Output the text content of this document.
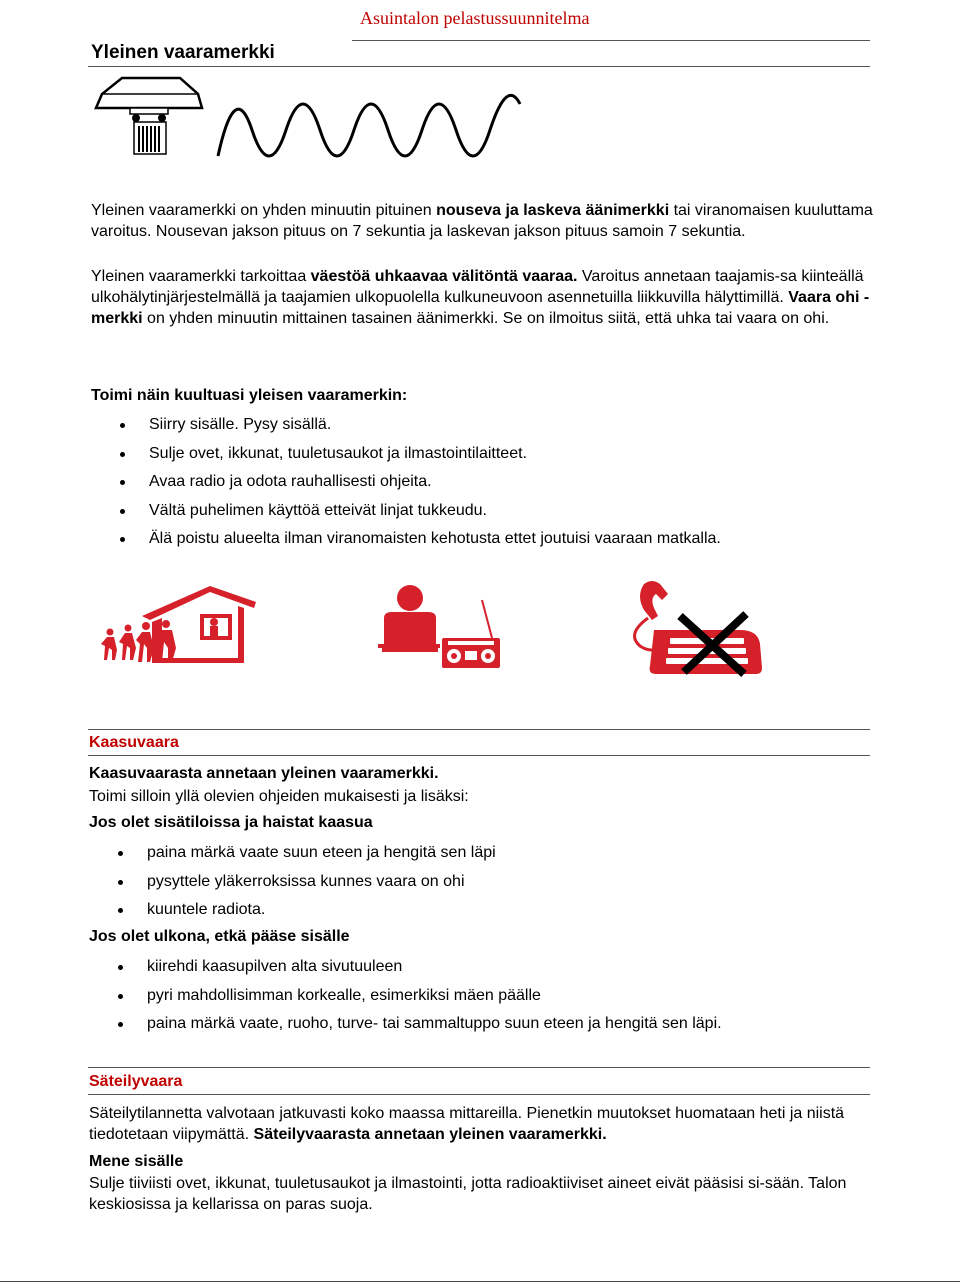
Asuintalon pelastussuunnitelma
Yleinen vaaramerkki
Yleinen vaaramerkki on yhden minuutin pituinen nouseva ja laskeva äänimerkki tai viranomaisen kuuluttama varoitus. Nousevan jakson pituus on 7 sekuntia ja laskevan jakson pituus samoin 7 sekuntia.
Yleinen vaaramerkki tarkoittaa väestöä uhkaavaa välitöntä vaaraa. Varoitus annetaan taajamis-sa kiinteällä ulkohälytinjärjestelmällä ja taajamien ulkopuolella kulkuneuvoon asennetuilla liikkuvilla hälyttimillä. Vaara ohi -merkki on yhden minuutin mittainen tasainen äänimerkki. Se on ilmoitus siitä, että uhka tai vaara on ohi.
Toimi näin kuultuasi yleisen vaaramerkin:
Siirry sisälle. Pysy sisällä.
Sulje ovet, ikkunat, tuuletusaukot ja ilmastointilaitteet.
Avaa radio ja odota rauhallisesti ohjeita.
Vältä puhelimen käyttöä etteivät linjat tukkeudu.
Älä poistu alueelta ilman viranomaisten kehotusta ettet joutuisi vaaraan matkalla.
Kaasuvaara
Kaasuvaarasta annetaan yleinen vaaramerkki.
Toimi silloin yllä olevien ohjeiden mukaisesti ja lisäksi:
Jos olet sisätiloissa ja haistat kaasua
paina märkä vaate suun eteen ja hengitä sen läpi
pysyttele yläkerroksissa kunnes vaara on ohi
kuuntele radiota.
Jos olet ulkona, etkä pääse sisälle
kiirehdi kaasupilven alta sivutuuleen
pyri mahdollisimman korkealle, esimerkiksi mäen päälle
paina märkä vaate, ruoho, turve- tai sammaltuppo suun eteen ja hengitä sen läpi.
Säteilyvaara
Säteilytilannetta valvotaan jatkuvasti koko maassa mittareilla. Pienetkin muutokset huomataan heti ja niistä tiedotetaan viipymättä. Säteilyvaarasta annetaan yleinen vaaramerkki.
Mene sisälle
Sulje tiiviisti ovet, ikkunat, tuuletusaukot ja ilmastointi, jotta radioaktiiviset aineet eivät pääsisi si-sään. Talon keskiosissa ja kellarissa on paras suoja.
